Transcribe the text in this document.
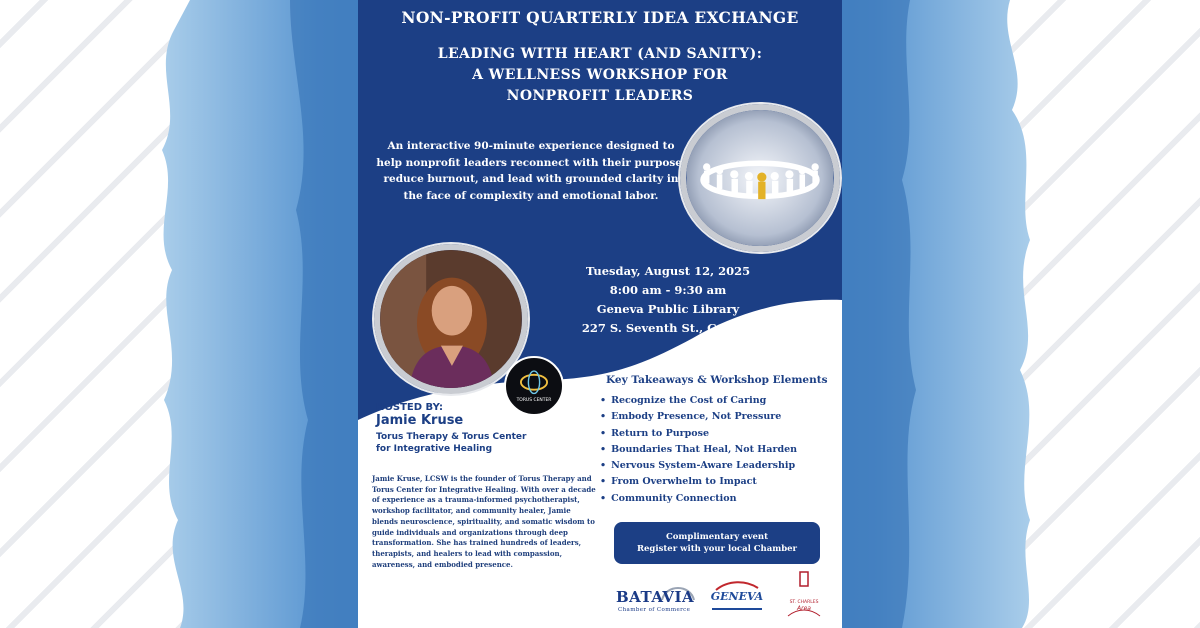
NON-PROFIT QUARTERLY IDEA EXCHANGE
LEADING WITH HEART (AND SANITY):
A WELLNESS WORKSHOP FOR
NONPROFIT LEADERS
An interactive 90-minute experience designed to help nonprofit leaders reconnect with their purpose, reduce burnout, and lead with grounded clarity in the face of complexity and emotional labor.
Tuesday, August 12, 2025
8:00 am - 9:30 am
Geneva Public Library
227 S. Seventh St., Geneva
TORUS CENTER
HOSTED BY:
Jamie Kruse
Torus Therapy & Torus Center
for Integrative Healing
Jamie Kruse, LCSW is the founder of Torus Therapy and Torus Center for Integrative Healing. With over a decade of experience as a trauma-informed psychotherapist, workshop facilitator, and community healer, Jamie blends neuroscience, spirituality, and somatic wisdom to guide individuals and organizations through deep transformation. She has trained hundreds of leaders, therapists, and healers to lead with compassion, awareness, and embodied presence.
Key Takeaways & Workshop Elements
• Recognize the Cost of Caring
• Embody Presence, Not Pressure
• Return to Purpose
• Boundaries That Heal, Not Harden
• Nervous System-Aware Leadership
• From Overwhelm to Impact
• Community Connection
Complimentary event
Register with your local Chamber
BATAVIA
Chamber of Commerce
GENEVA	ST. CHARLES
Area
